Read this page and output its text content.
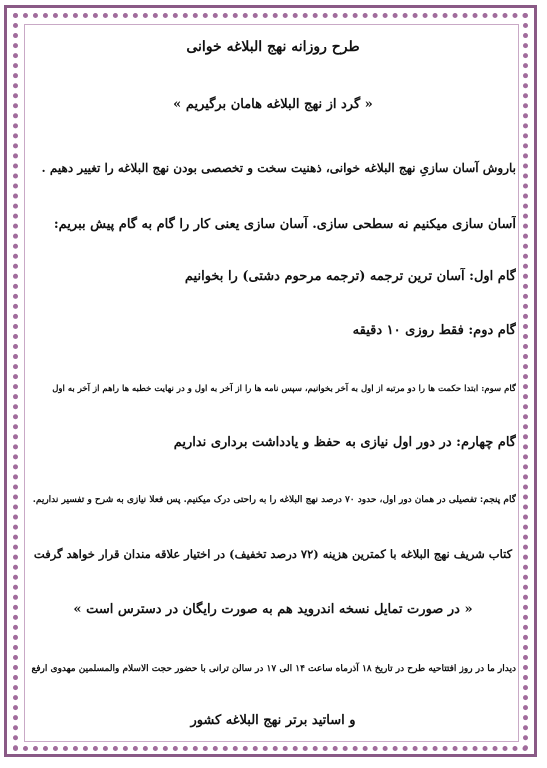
طرح روزانه نهج البلاغه خوانی
« گرد از نهج البلاغه هامان برگیریم »
باروش آسان سازیِ نهج البلاغه خوانی، ذهنیت سخت و تخصصی بودن نهج البلاغه را تغییر دهیم .
آسان سازی میکنیم نه سطحی سازی. آسان سازی یعنی کار را گام به گام پیش ببریم:
گام اول: آسان ترین ترجمه (ترجمه مرحوم دشتی) را بخوانیم
گام دوم: فقط روزی ۱۰ دقیقه
گام سوم: ابتدا حکمت ها را دو مرتبه از اول به آخر بخوانیم، سپس نامه ها را از آخر به اول و در نهایت خطبه ها راهم از آخر به اول
گام چهارم: در دور اول نیازی به حفظ و یادداشت برداری نداریم
گام پنجم: تفصیلی در همان دور اول، حدود ۷۰ درصد نهج البلاغه را به راحتی درک میکنیم. پس فعلا نیازی به شرح و تفسیر نداریم.
کتاب شریف نهج البلاغه با کمترین هزینه (۷۲ درصد تخفیف) در اختیار علاقه مندان قرار خواهد گرفت
« در صورت تمایل نسخه اندروید هم به صورت رایگان در دسترس است »
دیدار ما در روز افتتاحیه طرح در تاریخ ۱۸ آذرماه ساعت ۱۴ الی ۱۷ در سالن ترانی با حضور حجت الاسلام والمسلمین مهدوی ارفع
و اساتید برتر نهج البلاغه کشور
